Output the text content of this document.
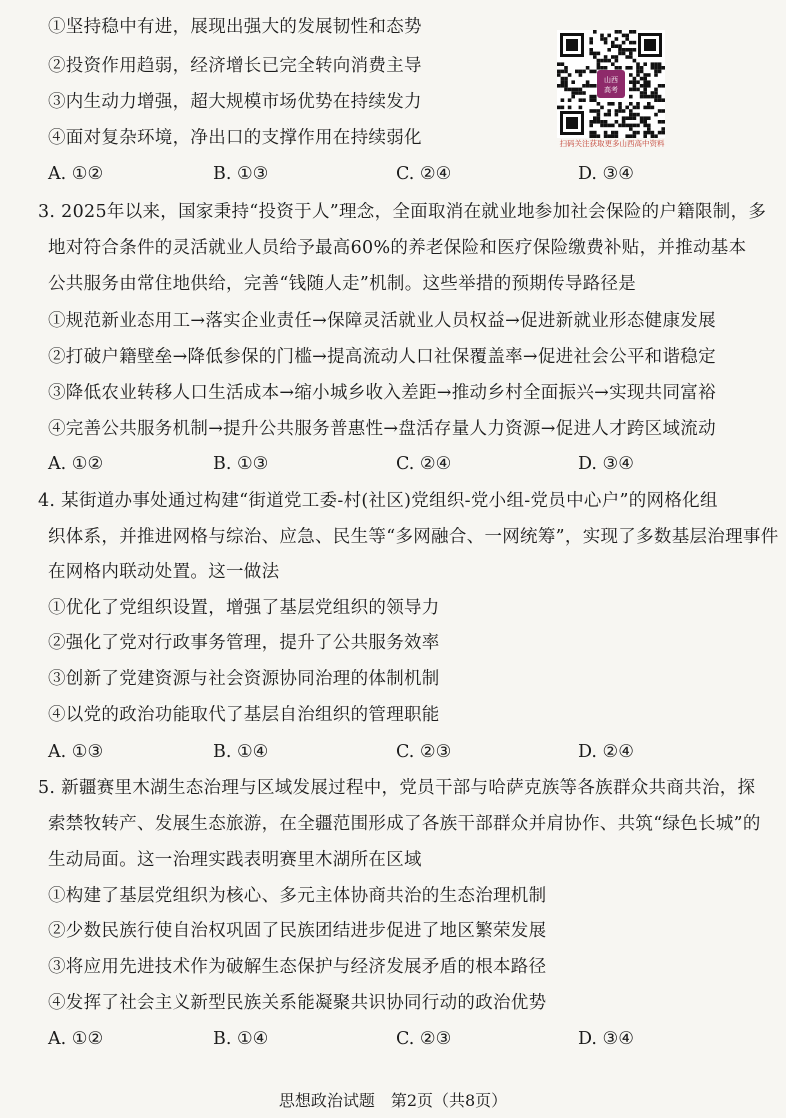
①坚持稳中有进，展现出强大的发展韧性和态势
②投资作用趋弱，经济增长已完全转向消费主导
③内生动力增强，超大规模市场优势在持续发力
④面对复杂环境，净出口的支撑作用在持续弱化
A. ①②	B. ①③	C. ②④	D. ③④
山西
高考
扫码关注获取更多山西高中资料
3. 2025年以来，国家秉持“投资于人”理念，全面取消在就业地参加社会保险的户籍限制，多
地对符合条件的灵活就业人员给予最高60%的养老保险和医疗保险缴费补贴，并推动基本
公共服务由常住地供给，完善“钱随人走”机制。这些举措的预期传导路径是
①规范新业态用工→落实企业责任→保障灵活就业人员权益→促进新就业形态健康发展
②打破户籍壁垒→降低参保的门槛→提高流动人口社保覆盖率→促进社会公平和谐稳定
③降低农业转移人口生活成本→缩小城乡收入差距→推动乡村全面振兴→实现共同富裕
④完善公共服务机制→提升公共服务普惠性→盘活存量人力资源→促进人才跨区域流动
A. ①②	B. ①③	C. ②④	D. ③④
4. 某街道办事处通过构建“街道党工委-村(社区)党组织-党小组-党员中心户”的网格化组
织体系，并推进网格与综治、应急、民生等“多网融合、一网统筹”，实现了多数基层治理事件
在网格内联动处置。这一做法
①优化了党组织设置，增强了基层党组织的领导力
②强化了党对行政事务管理，提升了公共服务效率
③创新了党建资源与社会资源协同治理的体制机制
④以党的政治功能取代了基层自治组织的管理职能
A. ①③	B. ①④	C. ②③	D. ②④
5. 新疆赛里木湖生态治理与区域发展过程中，党员干部与哈萨克族等各族群众共商共治，探
索禁牧转产、发展生态旅游，在全疆范围形成了各族干部群众并肩协作、共筑“绿色长城”的
生动局面。这一治理实践表明赛里木湖所在区域
①构建了基层党组织为核心、多元主体协商共治的生态治理机制
②少数民族行使自治权巩固了民族团结进步促进了地区繁荣发展
③将应用先进技术作为破解生态保护与经济发展矛盾的根本路径
④发挥了社会主义新型民族关系能凝聚共识协同行动的政治优势
A. ①②	B. ①④	C. ②③	D. ③④
思想政治试题　第2页（共8页）
